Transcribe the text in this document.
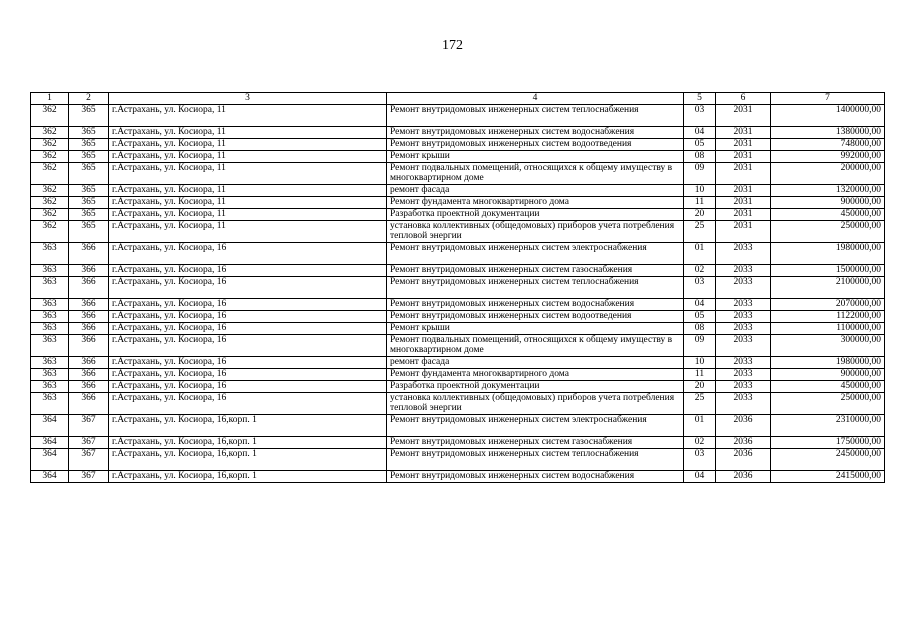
172
1	2	3	4	5	6	7
362	365	г.Астрахань, ул. Косиора, 11	Ремонт внутридомовых инженерных систем теплоснабжения	03	2031	1400000,00
362	365	г.Астрахань, ул. Косиора, 11	Ремонт внутридомовых инженерных систем водоснабжения	04	2031	1380000,00
362	365	г.Астрахань, ул. Косиора, 11	Ремонт внутридомовых инженерных систем водоотведения	05	2031	748000,00
362	365	г.Астрахань, ул. Косиора, 11	Ремонт крыши	08	2031	992000,00
362	365	г.Астрахань, ул. Косиора, 11	Ремонт подвальных помещений, относящихся к общему имуществу в многоквартирном доме	09	2031	200000,00
362	365	г.Астрахань, ул. Косиора, 11	ремонт фасада	10	2031	1320000,00
362	365	г.Астрахань, ул. Косиора, 11	Ремонт фундамента многоквартирного дома	11	2031	900000,00
362	365	г.Астрахань, ул. Косиора, 11	Разработка проектной документации	20	2031	450000,00
362	365	г.Астрахань, ул. Косиора, 11	установка коллективных (общедомовых) приборов учета потребления тепловой энергии	25	2031	250000,00
363	366	г.Астрахань, ул. Косиора, 16	Ремонт внутридомовых инженерных систем электроснабжения	01	2033	1980000,00
363	366	г.Астрахань, ул. Косиора, 16	Ремонт внутридомовых инженерных систем газоснабжения	02	2033	1500000,00
363	366	г.Астрахань, ул. Косиора, 16	Ремонт внутридомовых инженерных систем теплоснабжения	03	2033	2100000,00
363	366	г.Астрахань, ул. Косиора, 16	Ремонт внутридомовых инженерных систем водоснабжения	04	2033	2070000,00
363	366	г.Астрахань, ул. Косиора, 16	Ремонт внутридомовых инженерных систем водоотведения	05	2033	1122000,00
363	366	г.Астрахань, ул. Косиора, 16	Ремонт крыши	08	2033	1100000,00
363	366	г.Астрахань, ул. Косиора, 16	Ремонт подвальных помещений, относящихся к общему имуществу в многоквартирном доме	09	2033	300000,00
363	366	г.Астрахань, ул. Косиора, 16	ремонт фасада	10	2033	1980000,00
363	366	г.Астрахань, ул. Косиора, 16	Ремонт фундамента многоквартирного дома	11	2033	900000,00
363	366	г.Астрахань, ул. Косиора, 16	Разработка проектной документации	20	2033	450000,00
363	366	г.Астрахань, ул. Косиора, 16	установка коллективных (общедомовых) приборов учета потребления тепловой энергии	25	2033	250000,00
364	367	г.Астрахань, ул. Косиора, 16,корп. 1	Ремонт внутридомовых инженерных систем электроснабжения	01	2036	2310000,00
364	367	г.Астрахань, ул. Косиора, 16,корп. 1	Ремонт внутридомовых инженерных систем газоснабжения	02	2036	1750000,00
364	367	г.Астрахань, ул. Косиора, 16,корп. 1	Ремонт внутридомовых инженерных систем теплоснабжения	03	2036	2450000,00
364	367	г.Астрахань, ул. Косиора, 16,корп. 1	Ремонт внутридомовых инженерных систем водоснабжения	04	2036	2415000,00
